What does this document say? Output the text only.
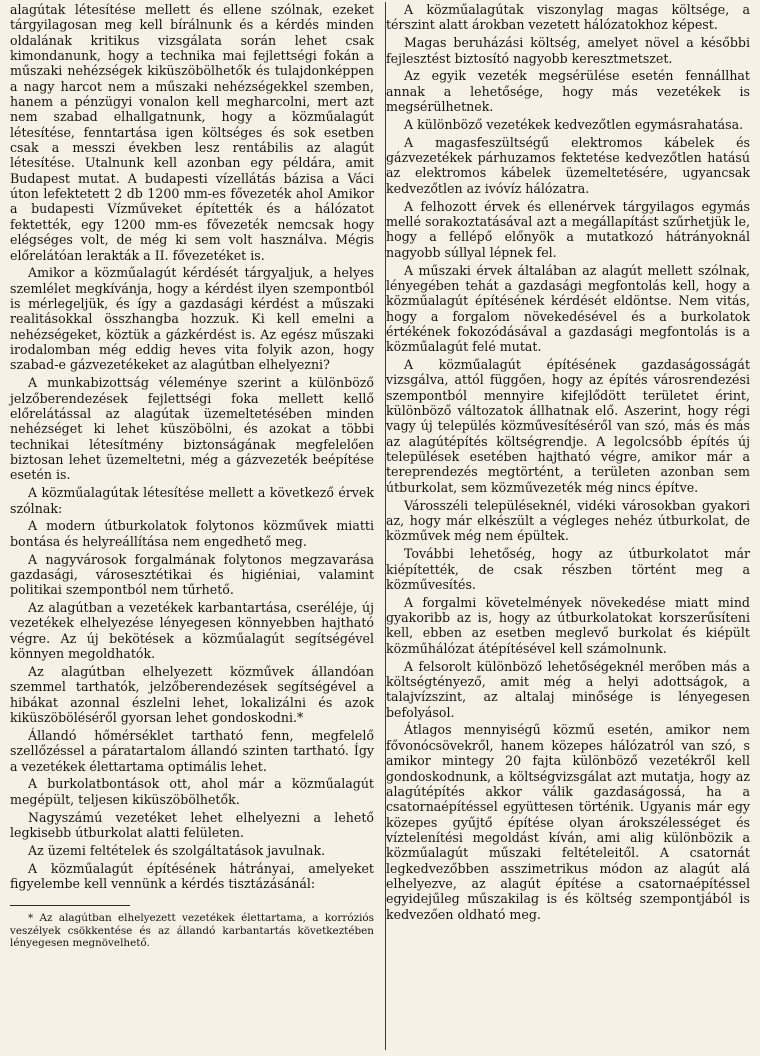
alagútak létesítése mellett és ellene szólnak, ezeket tárgyilagosan meg kell bírálnunk és a kérdés minden oldalának kritikus vizsgálata során lehet csak kimondanunk, hogy a technika mai fejlettségi fokán a műszaki nehézségek kiküszöbölhetők és tulajdonképpen a nagy harcot nem a műszaki nehézségekkel szemben, hanem a pénzügyi vonalon kell megharcolni, mert azt nem szabad elhallgatnunk, hogy a közműalagút létesítése, fenntartása igen költséges és sok esetben csak a messzi években lesz rentábilis az alagút létesítése. Utalnunk kell azonban egy példára, amit Budapest mutat. A budapesti vízellátás bázisa a Váci úton lefektetett 2 db 1200 mm-es fővezeték ahol Amikor a budapesti Vízműveket építették és a hálózatot fektették, egy 1200 mm-es fővezeték nemcsak hogy elégséges volt, de még ki sem volt használva. Mégis előrelátóan lerakták a II. fővezetéket is.

Amikor a közműalagút kérdését tárgyaljuk, a helyes szemlélet megkívánja, hogy a kérdést ilyen szempontból is mérlegeljük, és így a gazdasági kérdést a műszaki realitásokkal összhangba hozzuk. Ki kell emelni a nehézségeket, köztük a gázkérdést is. Az egész műszaki irodalomban még eddig heves vita folyik azon, hogy szabad-e gázvezetékeket az alagútban elhelyezni?

A munkabizottság véleménye szerint a különböző jelzőberendezések fejlettségi foka mellett kellő előrelátással az alagútak üzemeltetésében minden nehézséget ki lehet küszöbölni, és azokat a többi technikai létesítmény biztonságának megfelelően biztosan lehet üzemeltetni, még a gázvezeték beépítése esetén is.

A közműalagútak létesítése mellett a következő érvek szólnak:

A modern útburkolatok folytonos közművek miatti bontása és helyreállítása nem engedhető meg.

A nagyvárosok forgalmának folytonos megzavarása gazdasági, városesztétikai és higiéniai, valamint politikai szempontból nem tűrhető.

Az alagútban a vezetékek karbantartása, cseréléje, új vezetékek elhelyezése lényegesen könnyebben hajtható végre. Az új bekötések a közműalagút segítségével könnyen megoldhatók.

Az alagútban elhelyezett közművek állandóan szemmel tarthatók, jelzőberendezések segítségével a hibákat azonnal észlelni lehet, lokalizálni és azok kiküszöböléséről gyorsan lehet gondoskodni.*

Állandó hőmérséklet tartható fenn, megfelelő szellőzéssel a páratartalom állandó szinten tartható. Így a vezetékek élettartama optimális lehet.

A burkolatbontások ott, ahol már a közműalagút megépült, teljesen kiküszöbölhetők.

Nagyszámú vezetéket lehet elhelyezni a lehető legkisebb útburkolat alatti felületen.

Az üzemi feltételek és szolgáltatások javulnak.

A közműalagút építésének hátrányai, amelyeket figyelembe kell vennünk a kérdés tisztázásánál:

* Az alagútban elhelyezett vezetékek élettartama, a korróziós veszélyek csökkentése és az állandó karbantartás következtében lényegesen megnövelhető.

A közműalagútak viszonylag magas költsége, a térszint alatt árokban vezetett hálózatokhoz képest.

Magas beruházási költség, amelyet növel a későbbi fejlesztést biztosító nagyobb keresztmetszet.

Az egyik vezeték megsérülése esetén fennállhat annak a lehetősége, hogy más vezetékek is megsérülhetnek.

A különböző vezetékek kedvezőtlen egymásrahatása.

A magasfeszültségű elektromos kábelek és gázvezetékek párhuzamos fektetése kedvezőtlen hatású az elektromos kábelek üzemeltetésére, ugyancsak kedvezőtlen az ivóvíz hálózatra.

A felhozott érvek és ellenérvek tárgyilagos egymás mellé sorakoztatásával azt a megállapítást szűrhetjük le, hogy a fellépő előnyök a mutatkozó hátrányoknál nagyobb súllyal lépnek fel.

A műszaki érvek általában az alagút mellett szólnak, lényegében tehát a gazdasági megfontolás kell, hogy a közműalagút építésének kérdését eldöntse. Nem vitás, hogy a forgalom növekedésével és a burkolatok értékének fokozódásával a gazdasági megfontolás is a közműalagút felé mutat.

A közműalagút építésének gazdaságosságát vizsgálva, attól függően, hogy az építés városrendezési szempontból mennyire kifejlődött területet érint, különböző változatok állhatnak elő. Aszerint, hogy régi vagy új település közművesítéséről van szó, más és más az alagútépítés költségrendje. A legolcsóbb építés új települések esetében hajtható végre, amikor már a tereprendezés megtörtént, a területen azonban sem útburkolat, sem közművezeték még nincs építve.

Városszéli településeknél, vidéki városokban gyakori az, hogy már elkészült a végleges nehéz útburkolat, de közművek még nem épültek.

További lehetőség, hogy az útburkolatot már kiépítették, de csak részben történt meg a közművesítés.

A forgalmi követelmények növekedése miatt mind gyakoribb az is, hogy az útburkolatokat korszerűsíteni kell, ebben az esetben meglevő burkolat és kiépült közműhálózat átépítésével kell számolnunk.

A felsorolt különböző lehetőségeknél merőben más a költségtényező, amit még a helyi adottságok, a talajvízszint, az altalaj minősége is lényegesen befolyásol.

Átlagos mennyiségű közmű esetén, amikor nem fővonócsövekről, hanem közepes hálózatról van szó, s amikor mintegy 20 fajta különböző vezetékről kell gondoskodnunk, a költségvizsgálat azt mutatja, hogy az alagútépítés akkor válik gazdaságossá, ha a csatornaépítéssel együttesen történik. Ugyanis már egy közepes gyűjtő építése olyan árokszélességet és víztelenítési megoldást kíván, ami alig különbözik a közműalagút műszaki feltételeitől. A csatornát legkedvezőbben asszimetrikus módon az alagút alá elhelyezve, az alagút építése a csatornaépítéssel egyidejűleg műszakilag is és költség szempontjából is kedvezően oldható meg.
